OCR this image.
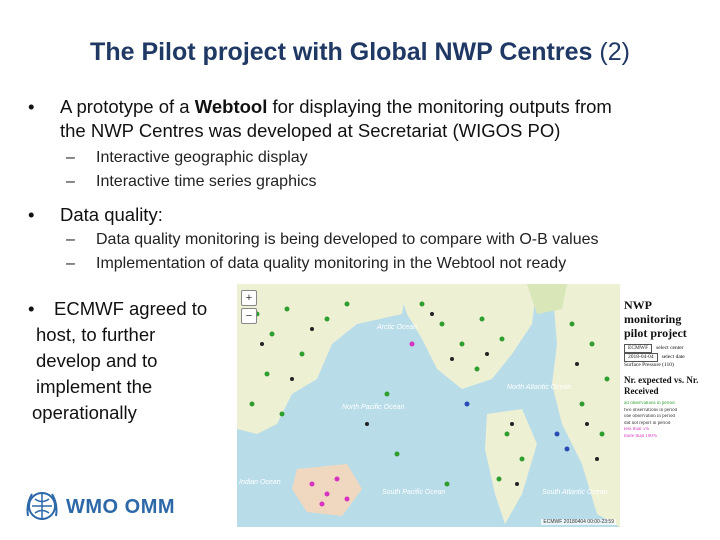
The Pilot project with Global NWP Centres (2)
• A prototype of a Webtool for displaying the monitoring outputs from
the NWP Centres was developed at Secretariat (WIGOS PO)
– Interactive geographic display
– Interactive time series graphics
• Data quality:
– Data quality monitoring is being developed to compare with O-B values
– Implementation of data quality monitoring in the Webtool not ready
• ECMWF agreed to
host, to further
develop and to
implement the
operationally
+
−
Arctic Ocean
North Pacific Ocean
North Atlantic Ocean
Indian Ocean
South Pacific Ocean	South Atlantic Ocean
ECMWF 20180404 00:00-23:59
NWP
monitoring
pilot project
ECMWF select center
2018-04-04 select date
Surface Pressure (110)
Nr. expected vs. Nr. Received
all observations in period
two observations in period
one observation in period
did not report in period
less than 5%
more than 100%
WMO OMM
